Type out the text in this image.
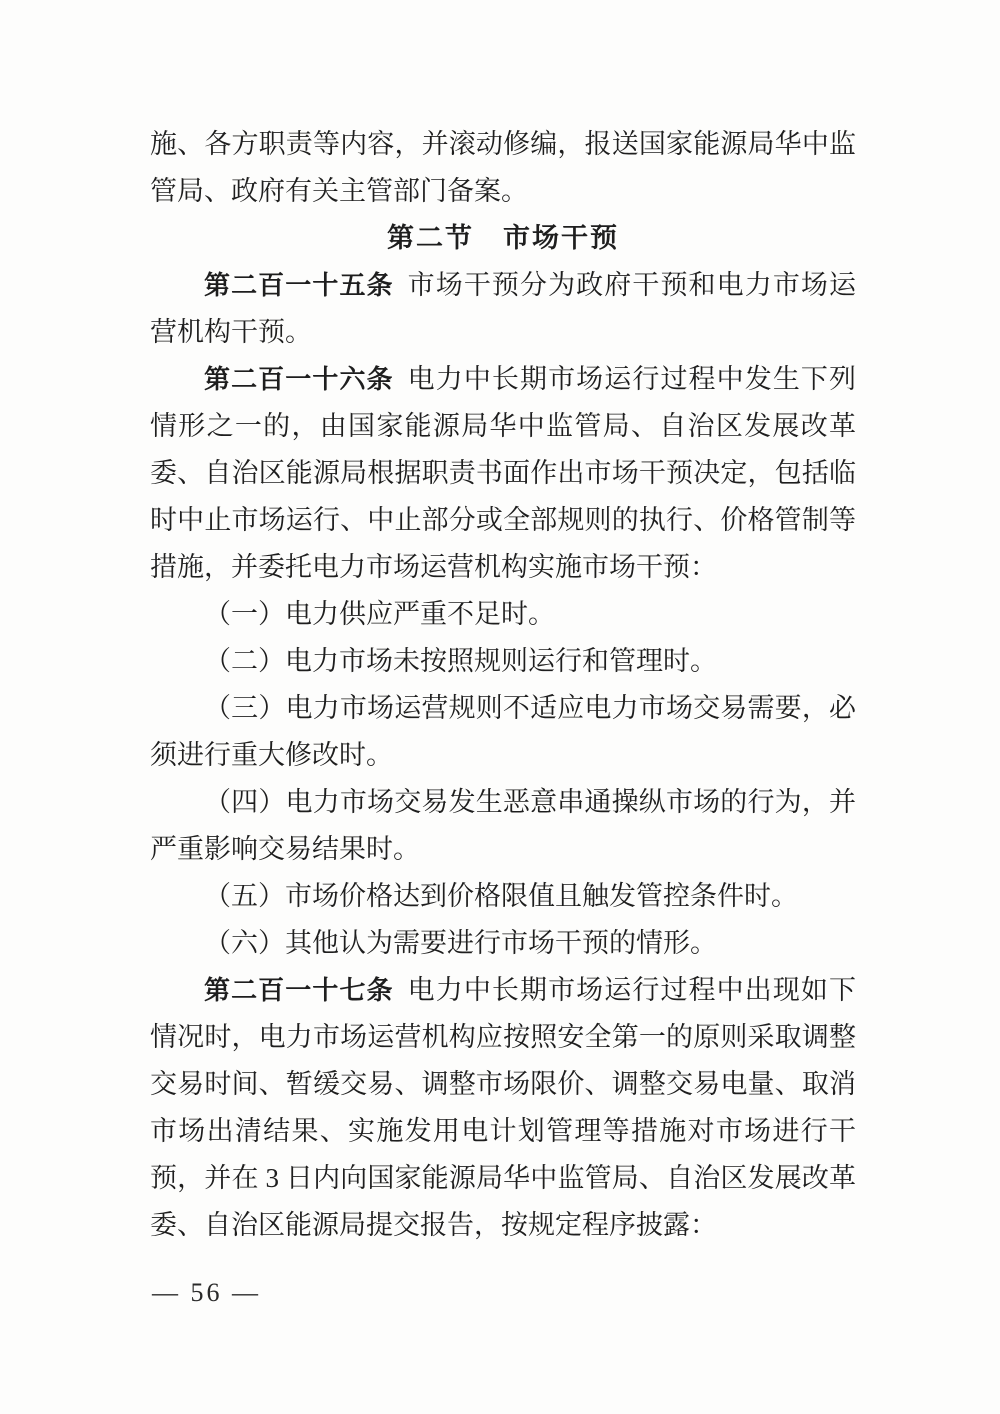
施、各方职责等内容，并滚动修编，报送国家能源局华中监管局、政府有关主管部门备案。

第二节　市场干预

第二百一十五条 市场干预分为政府干预和电力市场运营机构干预。

第二百一十六条 电力中长期市场运行过程中发生下列情形之一的，由国家能源局华中监管局、自治区发展改革委、自治区能源局根据职责书面作出市场干预决定，包括临时中止市场运行、中止部分或全部规则的执行、价格管制等措施，并委托电力市场运营机构实施市场干预：

（一）电力供应严重不足时。

（二）电力市场未按照规则运行和管理时。

（三）电力市场运营规则不适应电力市场交易需要，必须进行重大修改时。

（四）电力市场交易发生恶意串通操纵市场的行为，并严重影响交易结果时。

（五）市场价格达到价格限值且触发管控条件时。

（六）其他认为需要进行市场干预的情形。

第二百一十七条 电力中长期市场运行过程中出现如下情况时，电力市场运营机构应按照安全第一的原则采取调整交易时间、暂缓交易、调整市场限价、调整交易电量、取消市场出清结果、实施发用电计划管理等措施对市场进行干预，并在 3 日内向国家能源局华中监管局、自治区发展改革委、自治区能源局提交报告，按规定程序披露：

— 56 —
